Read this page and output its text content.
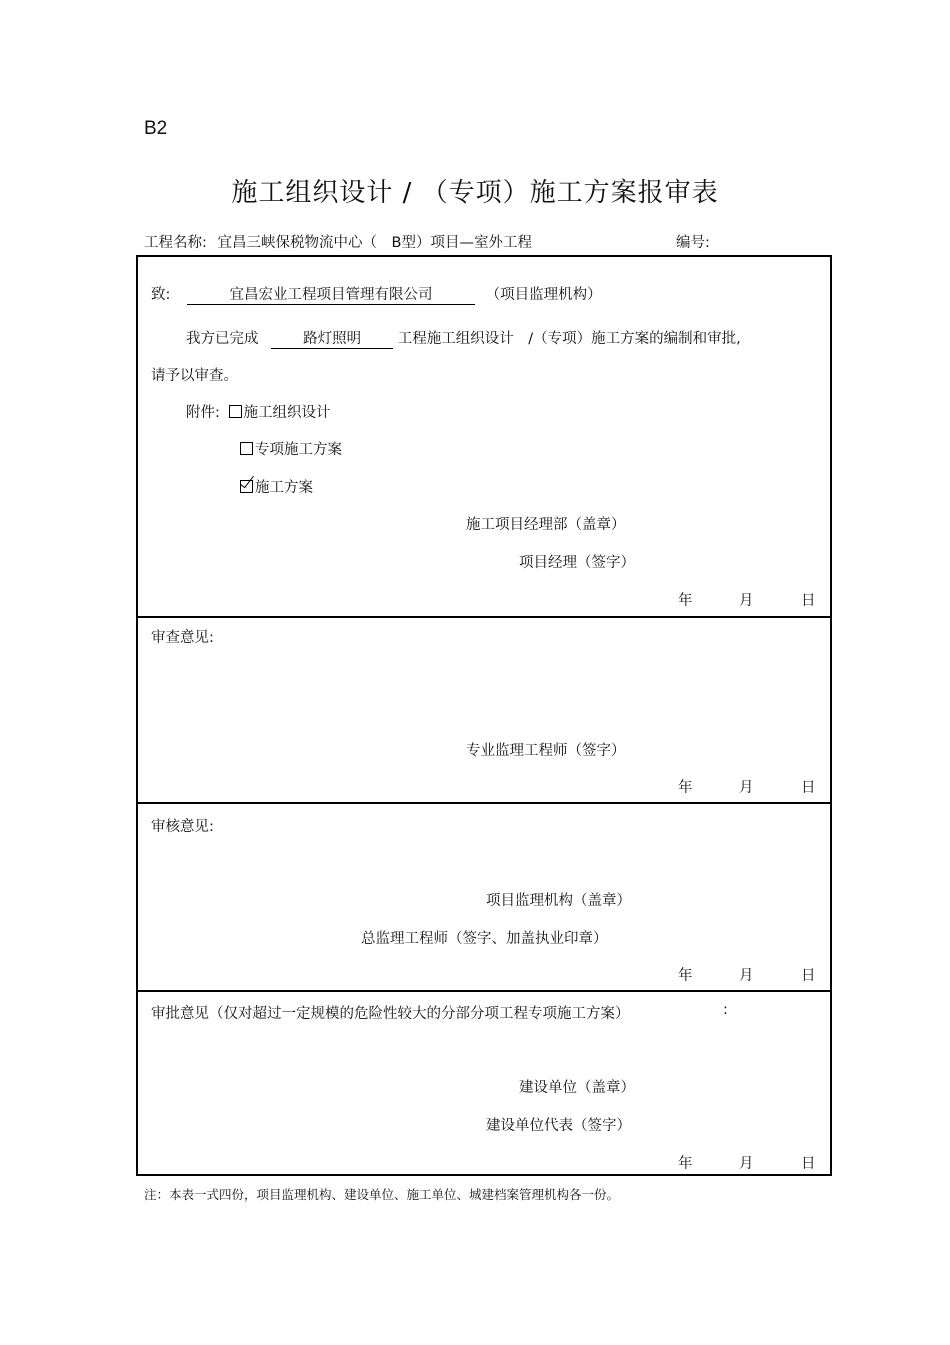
B2
施工组织设计 / （专项）施工方案报审表
工程名称: 宜昌三峡保税物流中心（　B型）项目—室外工程	编号:
致:	宜昌宏业工程项目管理有限公司	（项目监理机构）
我方已完成	路灯照明	工程施工组织设计　/（专项）施工方案的编制和审批,
请予以审查。
附件: 施工组织设计
专项施工方案
施工方案
施工项目经理部（盖章）
项目经理（签字）
年	月	日
审查意见:
专业监理工程师（签字）
年	月	日
审核意见:
项目监理机构（盖章）
总监理工程师（签字、加盖执业印章）
年	月	日
审批意见（仅对超过一定规模的危险性较大的分部分项工程专项施工方案）	:
建设单位（盖章）
建设单位代表（签字）
年	月	日
注：本表一式四份，项目监理机构、建设单位、施工单位、城建档案管理机构各一份。
